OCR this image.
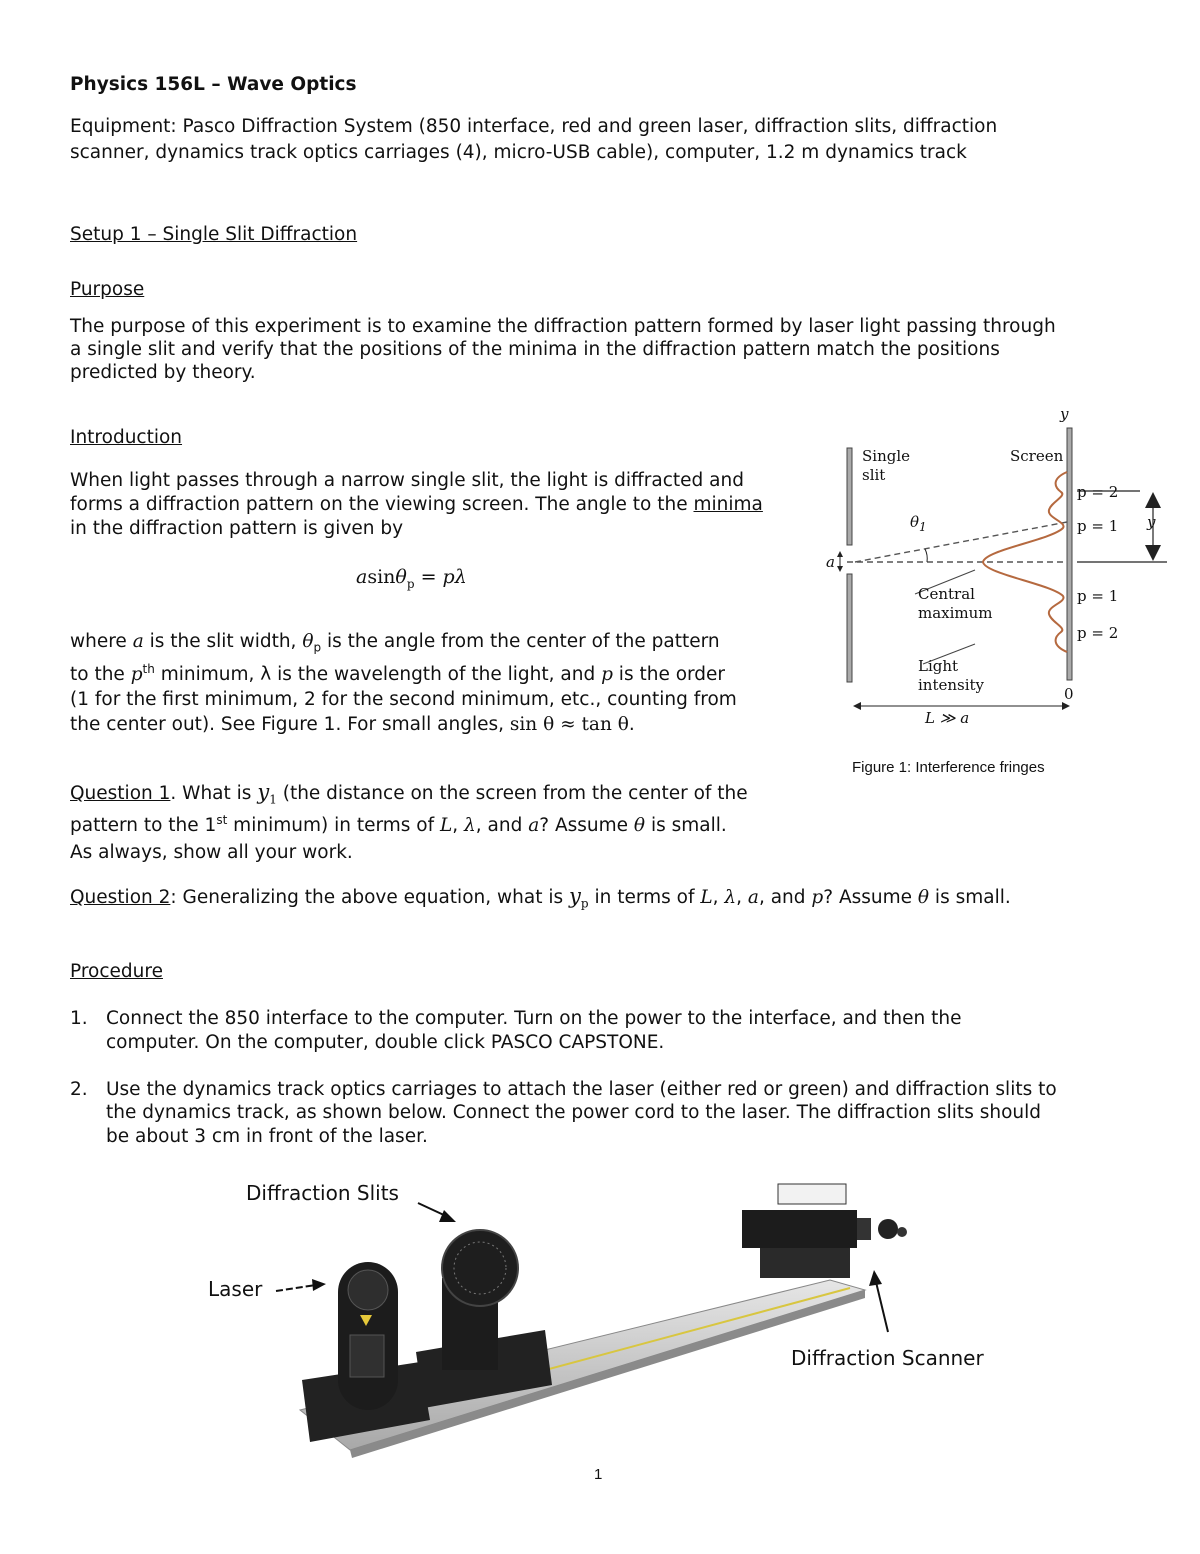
Physics 156L – Wave Optics
Equipment: Pasco Diffraction System (850 interface, red and green laser, diffraction slits, diffraction
scanner, dynamics track optics carriages (4), micro-USB cable), computer, 1.2 m dynamics track
Setup 1 – Single Slit Diffraction
Purpose
The purpose of this experiment is to examine the diffraction pattern formed by laser light passing through
a single slit and verify that the positions of the minima in the diffraction pattern match the positions
predicted by theory.
Introduction
When light passes through a narrow single slit, the light is diffracted and
forms a diffraction pattern on the viewing screen. The angle to the minima
in the diffraction pattern is given by
asinθ$_p$ = pλ
where a is the slit width, $\theta_p$ is the angle from the center of the pattern
to the $p^{th}$ minimum, λ is the wavelength of the light, and p is the order
(1 for the first minimum, 2 for the second minimum, etc., counting from
the center out). See Figure 1. For small angles, sin θ ≈ tan θ.
Single
slit
Screen
y
p = 2
p = 1 y
$\theta_1$
a
Central
maximum
p = 1
p = 2
Light
intensity	0
L ≫ a
Figure 1: Interference fringes
Question 1. What is $y_1$ (the distance on the screen from the center of the
pattern to the 1st minimum) in terms of L, λ, and a? Assume θ is small.
As always, show all your work.
Question 2: Generalizing the above equation, what is $y_p$ in terms of L, λ, a, and p? Assume θ is small.
Procedure
1. Connect the 850 interface to the computer. Turn on the power to the interface, and then the
computer. On the computer, double click PASCO CAPSTONE.
2. Use the dynamics track optics carriages to attach the laser (either red or green) and diffraction slits to
the dynamics track, as shown below. Connect the power cord to the laser. The diffraction slits should
be about 3 cm in front of the laser.
Diffraction Slits
Laser
Diffraction Scanner
1
